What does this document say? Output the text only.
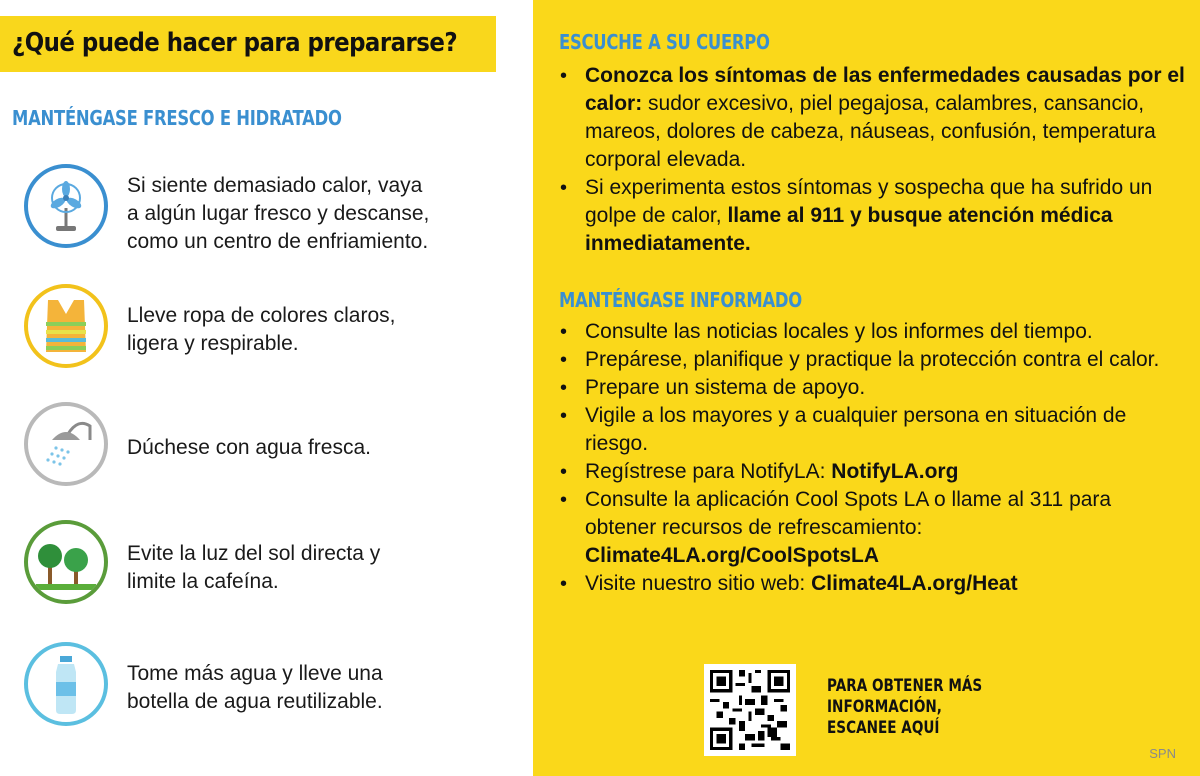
¿Qué puede hacer para prepararse?
MANTÉNGASE FRESCO E HIDRATADO
Si siente demasiado calor, vaya
a algún lugar fresco y descanse,
como un centro de enfriamiento.
Lleve ropa de colores claros,
ligera y respirable.
Dúchese con agua fresca.
Evite la luz del sol directa y
limite la cafeína.
Tome más agua y lleve una
botella de agua reutilizable.
ESCUCHE A SU CUERPO
• Conozca los síntomas de las enfermedades causadas por el calor: sudor excesivo, piel pegajosa, calambres, cansancio, mareos, dolores de cabeza, náuseas, confusión, temperatura corporal elevada.
• Si experimenta estos síntomas y sospecha que ha sufrido un golpe de calor, llame al 911 y busque atención médica inmediatamente.
MANTÉNGASE INFORMADO
• Consulte las noticias locales y los informes del tiempo.
• Prepárese, planifique y practique la protección contra el calor.
• Prepare un sistema de apoyo.
• Vigile a los mayores y a cualquier persona en situación de riesgo.
• Regístrese para NotifyLA: NotifyLA.org
• Consulte la aplicación Cool Spots LA o llame al 311 para obtener recursos de refrescamiento: Climate4LA.org/CoolSpotsLA
• Visite nuestro sitio web: Climate4LA.org/Heat
PARA OBTENER MÁS
INFORMACIÓN,
ESCANEE AQUÍ
SPN
